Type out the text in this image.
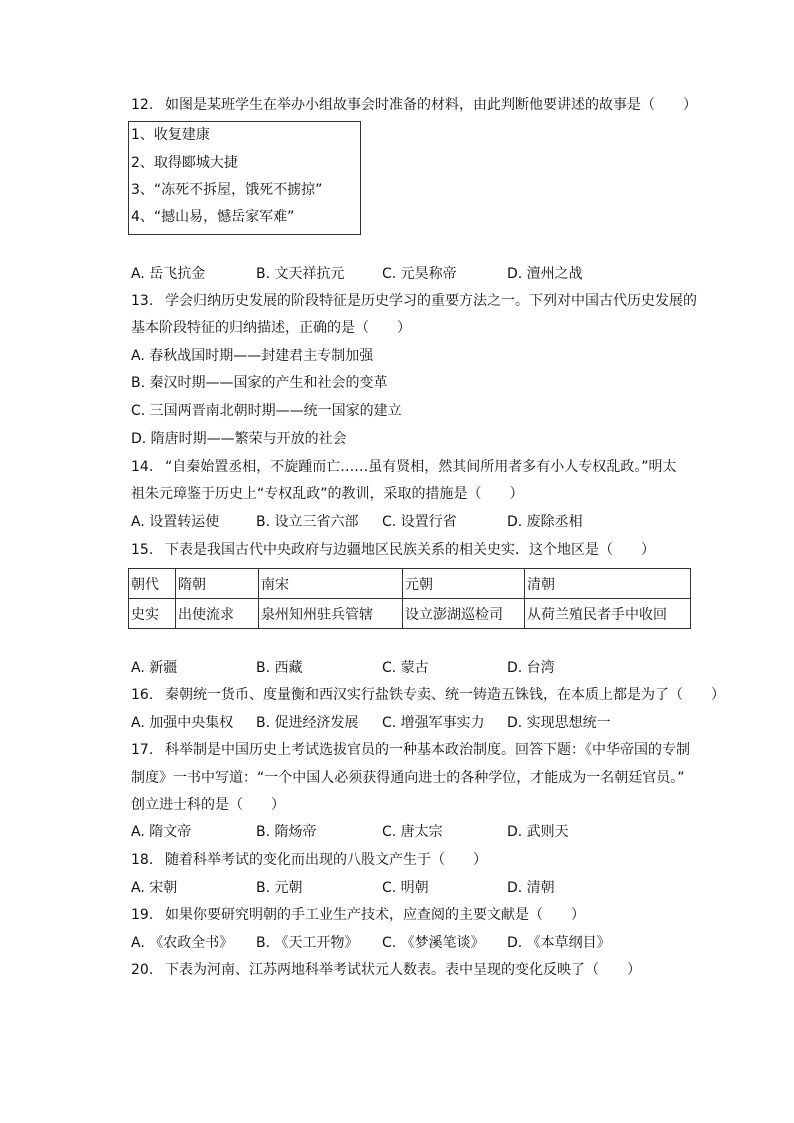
12. 如图是某班学生在举办小组故事会时准备的材料，由此判断他要讲述的故事是（　　）
1、收复建康
2、取得郾城大捷
3、“冻死不拆屋，饿死不掳掠”
4、“撼山易，憾岳家军难”
A. 岳飞抗金	B. 文天祥抗元	C. 元昊称帝	D. 澶州之战
13. 学会归纳历史发展的阶段特征是历史学习的重要方法之一。下列对中国古代历史发展的
基本阶段特征的归纳描述，正确的是（　　）
A. 春秋战国时期——封建君主专制加强
B. 秦汉时期——国家的产生和社会的变革
C. 三国两晋南北朝时期——统一国家的建立
D. 隋唐时期——繁荣与开放的社会
14. “自秦始置丞相，不旋踵而亡……虽有贤相，然其间所用者多有小人专权乱政。”明太
祖朱元璋鉴于历史上“专权乱政”的教训，采取的措施是（　　）
A. 设置转运使	B. 设立三省六部 C. 设置行省	D. 废除丞相
15. 下表是我国古代中央政府与边疆地区民族关系的相关史实．这个地区是（　　）
朝代	隋朝	南宋	元朝	清朝
史实	出使流求	泉州知州驻兵管辖	设立澎湖巡检司	从荷兰殖民者手中收回
A. 新疆	B. 西藏	C. 蒙古	D. 台湾
16. 秦朝统一货币、度量衡和西汉实行盐铁专卖、统一铸造五铢钱，在本质上都是为了（　　）
A. 加强中央集权 B. 促进经济发展 C. 增强军事实力 D. 实现思想统一
17. 科举制是中国历史上考试选拔官员的一种基本政治制度。回答下题：《中华帝国的专制
制度》一书中写道：“一个中国人必须获得通向进士的各种学位，才能成为一名朝廷官员。”
创立进士科的是（　　）
A. 隋文帝	B. 隋炀帝	C. 唐太宗	D. 武则天
18. 随着科举考试的变化而出现的八股文产生于（　　）
A. 宋朝	B. 元朝	C. 明朝	D. 清朝
19. 如果你要研究明朝的手工业生产技术，应查阅的主要文献是（　　）
A. 《农政全书》 B. 《天工开物》 C. 《梦溪笔谈》 D. 《本草纲目》
20. 下表为河南、江苏两地科举考试状元人数表。表中呈现的变化反映了（　　）
